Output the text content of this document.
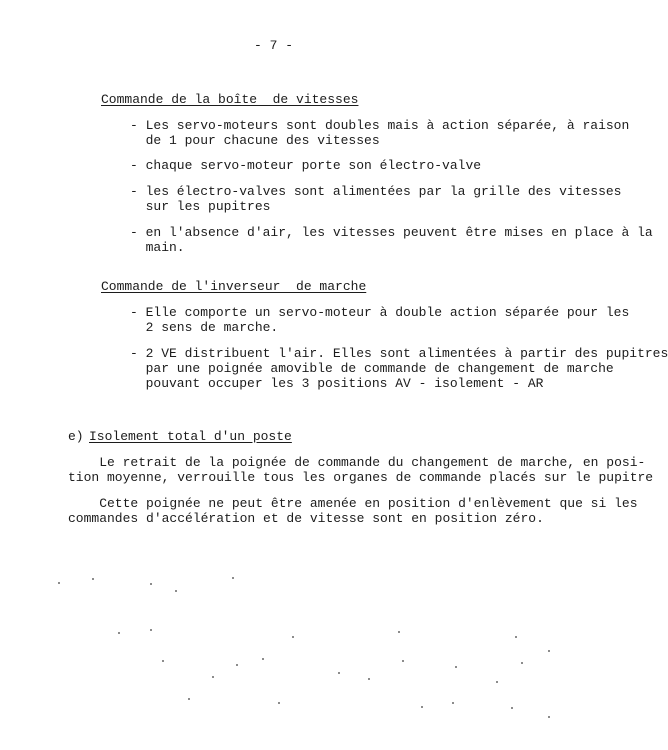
- 7 -
Commande de la boîte  de vitesses
- Les servo-moteurs sont doubles mais à action séparée, à raison
de 1 pour chacune des vitesses
- chaque servo-moteur porte son électro-valve
- les électro-valves sont alimentées par la grille des vitesses
sur les pupitres
- en l'absence d'air, les vitesses peuvent être mises en place à la
main.
Commande de l'inverseur  de marche
- Elle comporte un servo-moteur à double action séparée pour les
2 sens de marche.
- 2 VE distribuent l'air. Elles sont alimentées à partir des pupitres
par une poignée amovible de commande de changement de marche
pouvant occuper les 3 positions AV - isolement - AR
e) Isolement total d'un poste
Le retrait de la poignée de commande du changement de marche, en posi-
tion moyenne, verrouille tous les organes de commande placés sur le pupitre
Cette poignée ne peut être amenée en position d'enlèvement que si les
commandes d'accélération et de vitesse sont en position zéro.
